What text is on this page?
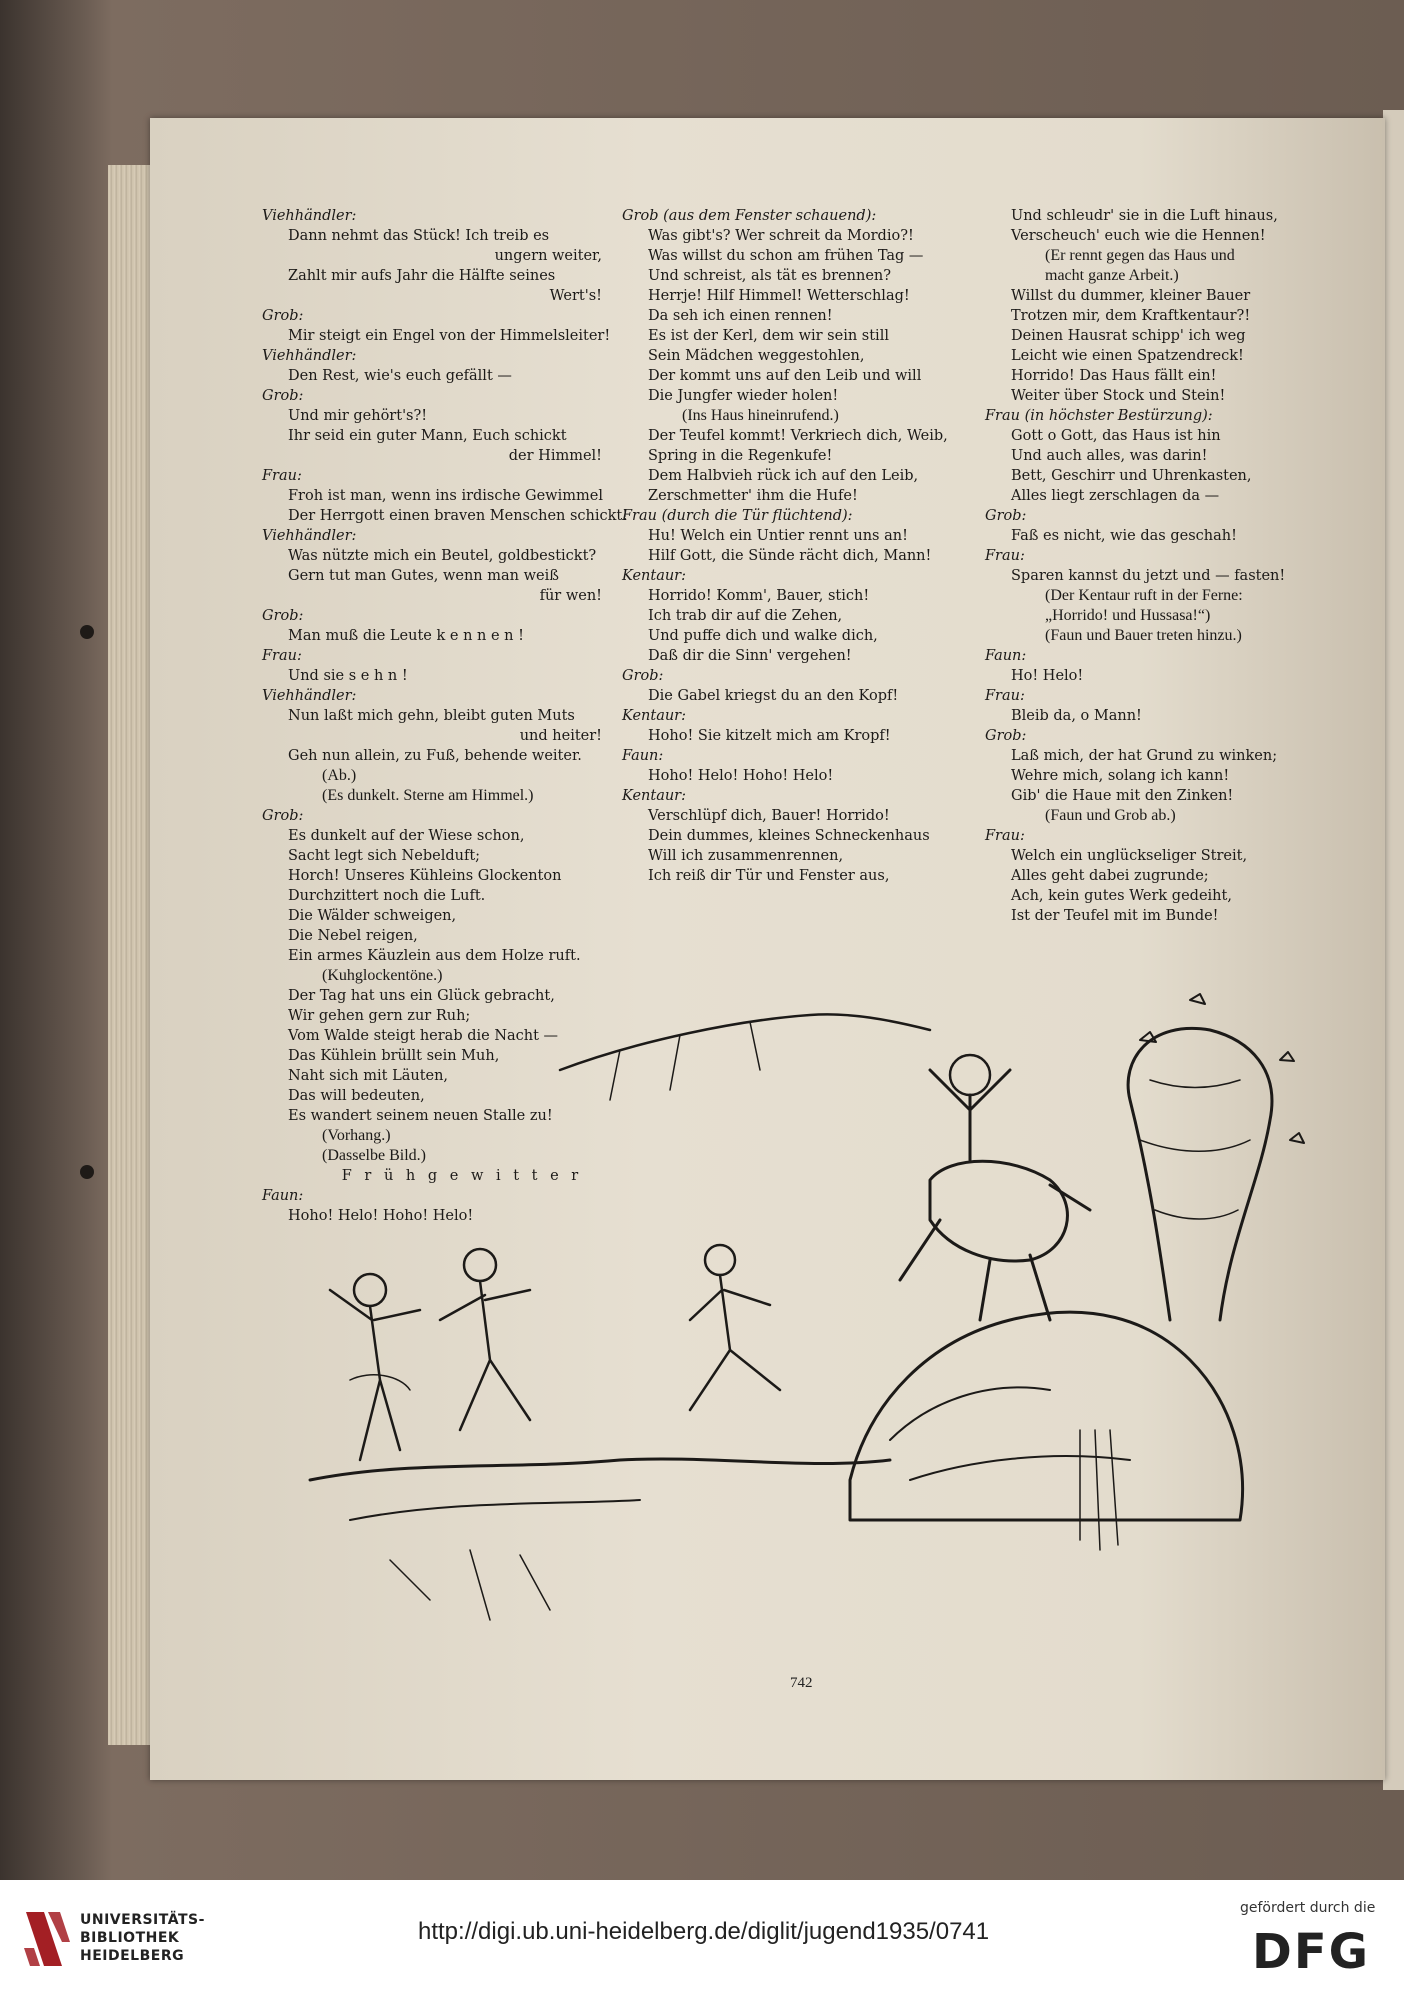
Viehhändler:
Dann nehmt das Stück! Ich treib es
ungern weiter,
Zahlt mir aufs Jahr die Hälfte seines
Wert's!
Grob:
Mir steigt ein Engel von der Himmelsleiter!
Viehhändler:
Den Rest, wie's euch gefällt —
Grob:
Und mir gehört's?!
Ihr seid ein guter Mann, Euch schickt
der Himmel!
Frau:
Froh ist man, wenn ins irdische Gewimmel
Der Herrgott einen braven Menschen schickt!
Viehhändler:
Was nützte mich ein Beutel, goldbestickt?
Gern tut man Gutes, wenn man weiß
für wen!
Grob:
Man muß die Leute k e n n e n !
Frau:
Und sie s e h n !
Viehhändler:
Nun laßt mich gehn, bleibt guten Muts
und heiter!
Geh nun allein, zu Fuß, behende weiter.
(Ab.)
(Es dunkelt. Sterne am Himmel.)
Grob:
Es dunkelt auf der Wiese schon,
Sacht legt sich Nebelduft;
Horch! Unseres Kühleins Glockenton
Durchzittert noch die Luft.
Die Wälder schweigen,
Die Nebel reigen,
Ein armes Käuzlein aus dem Holze ruft.
(Kuhglockentöne.)
Der Tag hat uns ein Glück gebracht,
Wir gehen gern zur Ruh;
Vom Walde steigt herab die Nacht —
Das Kühlein brüllt sein Muh,
Naht sich mit Läuten,
Das will bedeuten,
Es wandert seinem neuen Stalle zu!
(Vorhang.)
(Dasselbe Bild.)
F r ü h g e w i t t e r
Faun:
Hoho! Helo! Hoho! Helo!
Grob (aus dem Fenster schauend):
Was gibt's? Wer schreit da Mordio?!
Was willst du schon am frühen Tag —
Und schreist, als tät es brennen?
Herrje! Hilf Himmel! Wetterschlag!
Da seh ich einen rennen!
Es ist der Kerl, dem wir sein still
Sein Mädchen weggestohlen,
Der kommt uns auf den Leib und will
Die Jungfer wieder holen!
(Ins Haus hineinrufend.)
Der Teufel kommt! Verkriech dich, Weib,
Spring in die Regenkufe!
Dem Halbvieh rück ich auf den Leib,
Zerschmetter' ihm die Hufe!
Frau (durch die Tür flüchtend):
Hu! Welch ein Untier rennt uns an!
Hilf Gott, die Sünde rächt dich, Mann!
Kentaur:
Horrido! Komm', Bauer, stich!
Ich trab dir auf die Zehen,
Und puffe dich und walke dich,
Daß dir die Sinn' vergehen!
Grob:
Die Gabel kriegst du an den Kopf!
Kentaur:
Hoho! Sie kitzelt mich am Kropf!
Faun:
Hoho! Helo! Hoho! Helo!
Kentaur:
Verschlüpf dich, Bauer! Horrido!
Dein dummes, kleines Schneckenhaus
Will ich zusammenrennen,
Ich reiß dir Tür und Fenster aus,
Und schleudr' sie in die Luft hinaus,
Verscheuch' euch wie die Hennen!
(Er rennt gegen das Haus und
macht ganze Arbeit.)
Willst du dummer, kleiner Bauer
Trotzen mir, dem Kraftkentaur?!
Deinen Hausrat schipp' ich weg
Leicht wie einen Spatzendreck!
Horrido! Das Haus fällt ein!
Weiter über Stock und Stein!
Frau (in höchster Bestürzung):
Gott o Gott, das Haus ist hin
Und auch alles, was darin!
Bett, Geschirr und Uhrenkasten,
Alles liegt zerschlagen da —
Grob:
Faß es nicht, wie das geschah!
Frau:
Sparen kannst du jetzt und — fasten!
(Der Kentaur ruft in der Ferne:
„Horrido! und Hussasa!“)
(Faun und Bauer treten hinzu.)
Faun:
Ho! Helo!
Frau:
Bleib da, o Mann!
Grob:
Laß mich, der hat Grund zu winken;
Wehre mich, solang ich kann!
Gib' die Haue mit den Zinken!
(Faun und Grob ab.)
Frau:
Welch ein unglückseliger Streit,
Alles geht dabei zugrunde;
Ach, kein gutes Werk gedeiht,
Ist der Teufel mit im Bunde!
742
UNIVERSITÄTS-
BIBLIOTHEK
HEIDELBERG
http://digi.ub.uni-heidelberg.de/diglit/jugend1935/0741
gefördert durch die
DFG
